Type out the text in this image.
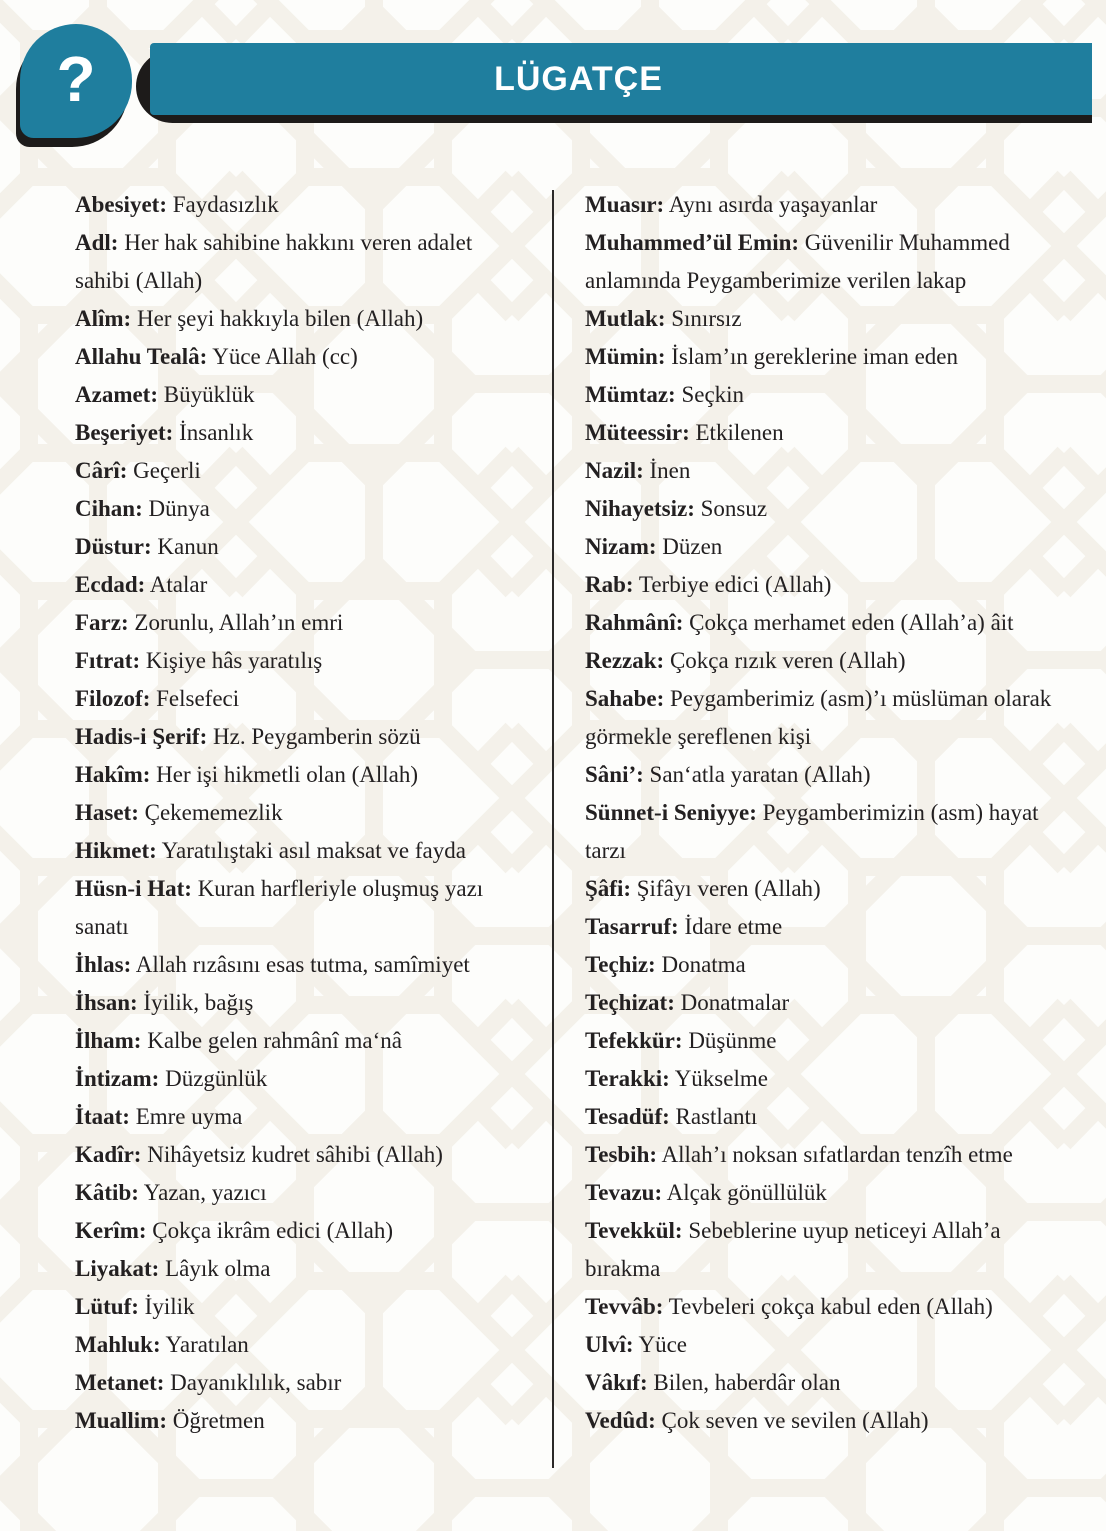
?	LÜGATÇE

Abesiyet: Faydasızlık

Adl: Her hak sahibine hakkını veren adalet sahibi (Allah)

Alîm: Her şeyi hakkıyla bilen (Allah)

Allahu Tealâ: Yüce Allah (cc)

Azamet: Büyüklük

Beşeriyet: İnsanlık

Cârî: Geçerli

Cihan: Dünya

Düstur: Kanun

Ecdad: Atalar

Farz: Zorunlu, Allah’ın emri

Fıtrat: Kişiye hâs yaratılış

Filozof: Felsefeci

Hadis-i Şerif: Hz. Peygamberin sözü

Hakîm: Her işi hikmetli olan (Allah)

Haset: Çekememezlik

Hikmet: Yaratılıştaki asıl maksat ve fayda

Hüsn-i Hat: Kuran harfleriyle oluşmuş yazı sanatı

İhlas: Allah rızâsını esas tutma, samîmiyet

İhsan: İyilik, bağış

İlham: Kalbe gelen rahmânî ma‘nâ

İntizam: Düzgünlük

İtaat: Emre uyma

Kadîr: Nihâyetsiz kudret sâhibi (Allah)

Kâtib: Yazan, yazıcı

Kerîm: Çokça ikrâm edici (Allah)

Liyakat: Lâyık olma

Lütuf: İyilik

Mahluk: Yaratılan

Metanet: Dayanıklılık, sabır

Muallim: Öğretmen

Muasır: Aynı asırda yaşayanlar

Muhammed’ül Emin: Güvenilir Muhammed anlamında Peygamberimize verilen lakap

Mutlak: Sınırsız

Mümin: İslam’ın gereklerine iman eden

Mümtaz: Seçkin

Müteessir: Etkilenen

Nazil: İnen

Nihayetsiz: Sonsuz

Nizam: Düzen

Rab: Terbiye edici (Allah)

Rahmânî: Çokça merhamet eden (Allah’a) âit

Rezzak: Çokça rızık veren (Allah)

Sahabe: Peygamberimiz (asm)’ı müslüman olarak görmekle şereflenen kişi

Sâni’: San‘atla yaratan (Allah)

Sünnet-i Seniyye: Peygamberimizin (asm) hayat tarzı

Şâfi: Şifâyı veren (Allah)

Tasarruf: İdare etme

Teçhiz: Donatma

Teçhizat: Donatmalar

Tefekkür: Düşünme

Terakki: Yükselme

Tesadüf: Rastlantı

Tesbih: Allah’ı noksan sıfatlardan tenzîh etme

Tevazu: Alçak gönüllülük

Tevekkül: Sebeblerine uyup neticeyi Allah’a bırakma

Tevvâb: Tevbeleri çokça kabul eden (Allah)

Ulvî: Yüce

Vâkıf: Bilen, haberdâr olan

Vedûd: Çok seven ve sevilen (Allah)
